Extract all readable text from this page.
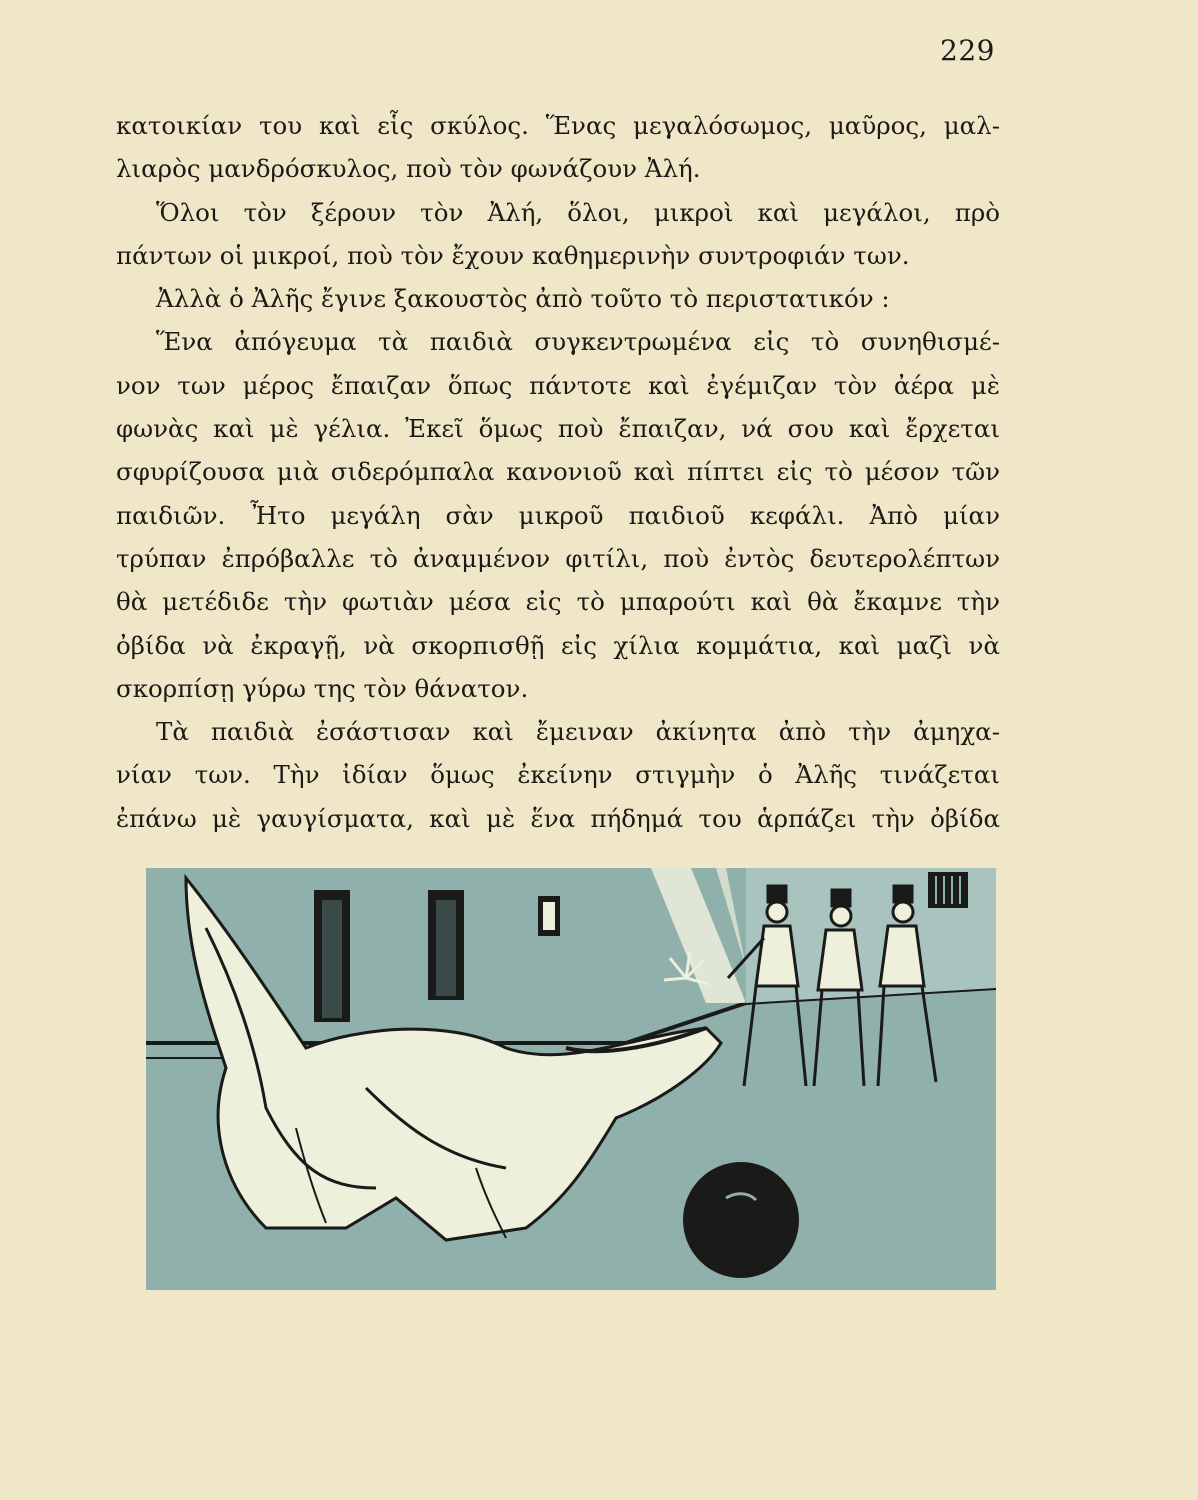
229
κατοικίαν του καὶ εἷς σκύλος. Ἕνας μεγαλόσωμος, μαῦρος, μαλ-
λιαρὸς μανδρόσκυλος, ποὺ τὸν φωνάζουν Ἀλή.
Ὅλοι τὸν ξέρουν τὸν Ἀλή, ὅλοι, μικροὶ καὶ μεγάλοι, πρὸ
πάντων οἱ μικροί, ποὺ τὸν ἔχουν καθημερινὴν συντροφιάν των.
Ἀλλὰ ὁ Ἀλῆς ἔγινε ξακουστὸς ἀπὸ τοῦτο τὸ περιστατικόν :
Ἕνα ἀπόγευμα τὰ παιδιὰ συγκεντρωμένα εἰς τὸ συνηθισμέ-
νον των μέρος ἔπαιζαν ὅπως πάντοτε καὶ ἐγέμιζαν τὸν ἀέρα μὲ
φωνὰς καὶ μὲ γέλια. Ἐκεῖ ὅμως ποὺ ἔπαιζαν, νά σου καὶ ἔρχεται
σφυρίζουσα μιὰ σιδερόμπαλα κανονιοῦ καὶ πίπτει εἰς τὸ μέσον τῶν
παιδιῶν. Ἦτο μεγάλη σὰν μικροῦ παιδιοῦ κεφάλι. Ἀπὸ μίαν
τρύπαν ἐπρόβαλλε τὸ ἀναμμένον φιτίλι, ποὺ ἐντὸς δευτερολέπτων
θὰ μετέδιδε τὴν φωτιὰν μέσα εἰς τὸ μπαρούτι καὶ θὰ ἔκαμνε τὴν
ὀβίδα νὰ ἐκραγῇ, νὰ σκορπισθῇ εἰς χίλια κομμάτια, καὶ μαζὶ νὰ
σκορπίσῃ γύρω της τὸν θάνατον.
Τὰ παιδιὰ ἐσάστισαν καὶ ἔμειναν ἀκίνητα ἀπὸ τὴν ἀμηχα-
νίαν των. Τὴν ἰδίαν ὅμως ἐκείνην στιγμὴν ὁ Ἀλῆς τινάζεται
ἐπάνω μὲ γαυγίσματα, καὶ μὲ ἕνα πήδημά του ἁρπάζει τὴν ὀβίδα
